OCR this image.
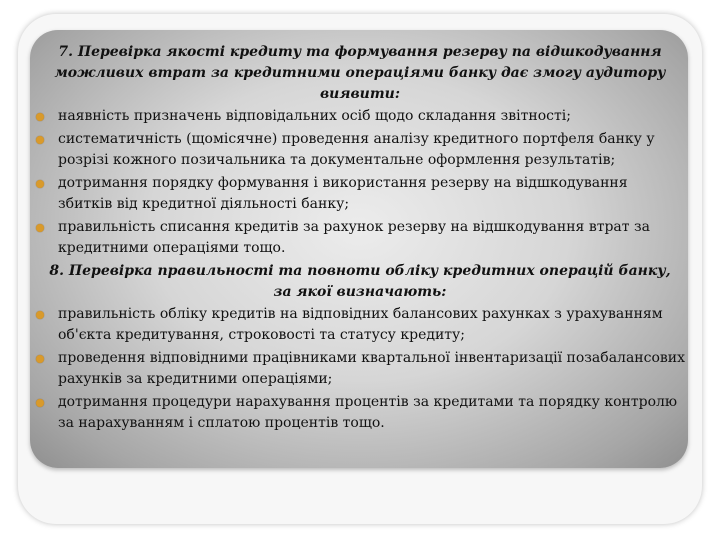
7. Перевірка якості кредиту та формування резерву па відшкодування можливих втрат за кредитними операціями банку дає змогу аудитору виявити:

наявність призначень відповідальних осіб щодо складання звітності;
систематичність (щомісячне) проведення аналізу кредитного портфеля банку у розрізі кожного позичальника та документальне оформлення результатів;
дотримання порядку формування і використання резерву на відшкодування збитків від кредитної діяльності банку;
правильність списання кредитів за рахунок резерву на відшкодування втрат за кредитними операціями тощо.

8. Перевірка правильності та повноти обліку кредитних операцій банку, за якої визначають:

правильність обліку кредитів на відповідних балансових рахунках з урахуванням об'єкта кредитування, строковості та статусу кредиту;
проведення відповідними працівниками квартальної інвентаризації позабалансових рахунків за кредитними операціями;
дотримання процедури нарахування процентів за кредитами та порядку контролю за нарахуванням і сплатою процентів тощо.
